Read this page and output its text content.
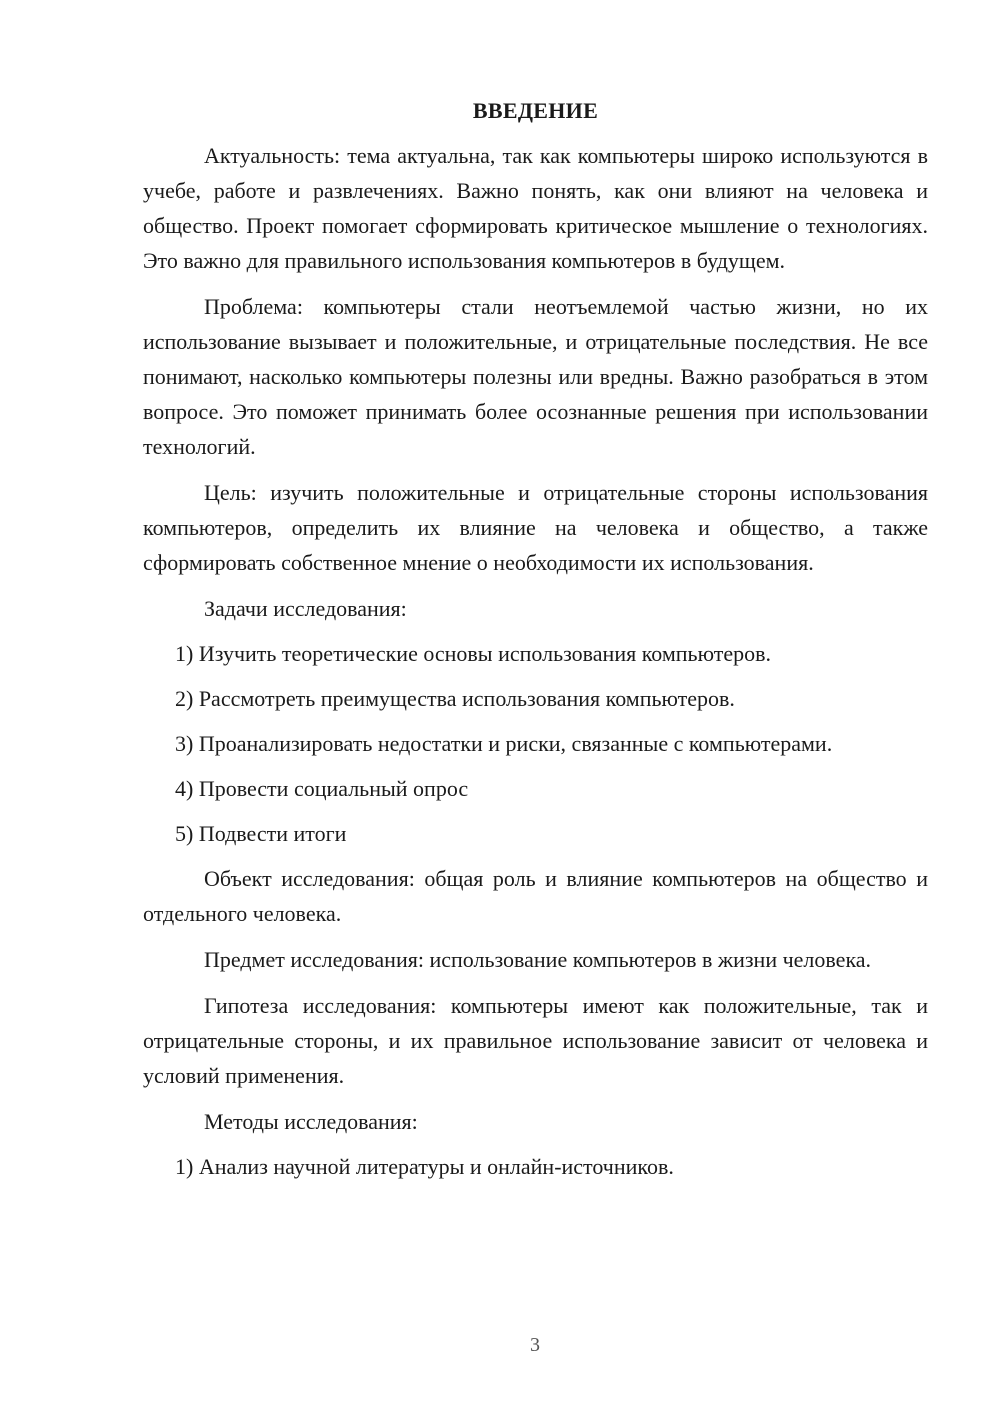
ВВЕДЕНИЕ

Актуальность: тема актуальна, так как компьютеры широко используются в учебе, работе и развлечениях. Важно понять, как они влияют на человека и общество. Проект помогает сформировать критическое мышление о технологиях. Это важно для правильного использования компьютеров в будущем.

Проблема: компьютеры стали неотъемлемой частью жизни, но их использование вызывает и положительные, и отрицательные последствия. Не все понимают, насколько компьютеры полезны или вредны. Важно разобраться в этом вопросе. Это поможет принимать более осознанные решения при использовании технологий.

Цель: изучить положительные и отрицательные стороны использования компьютеров, определить их влияние на человека и общество, а также сформировать собственное мнение о необходимости их использования.

Задачи исследования:
1) Изучить теоретические основы использования компьютеров.
2) Рассмотреть преимущества использования компьютеров.
3) Проанализировать недостатки и риски, связанные с компьютерами.
4) Провести социальный опрос
5) Подвести итоги

Объект исследования: общая роль и влияние компьютеров на общество и отдельного человека.

Предмет исследования: использование компьютеров в жизни человека.

Гипотеза исследования: компьютеры имеют как положительные, так и отрицательные стороны, и их правильное использование зависит от человека и условий применения.

Методы исследования:
1) Анализ научной литературы и онлайн-источников.
3
